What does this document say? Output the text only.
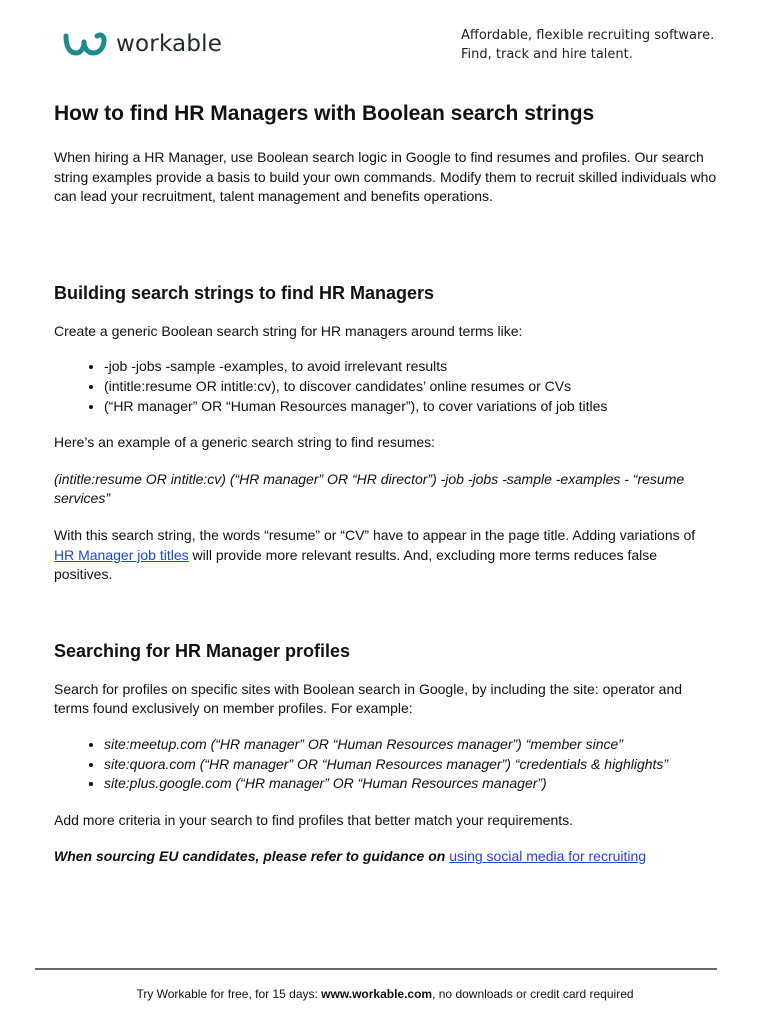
workable	Affordable, flexible recruiting software.
Find, track and hire talent.
How to find HR Managers with Boolean search strings

When hiring a HR Manager, use Boolean search logic in Google to find resumes and profiles. Our search string examples provide a basis to build your own commands. Modify them to recruit skilled individuals who can lead your recruitment, talent management and benefits operations.

Building search strings to find HR Managers

Create a generic Boolean search string for HR managers around terms like:

• -job -jobs -sample -examples, to avoid irrelevant results
• (intitle:resume OR intitle:cv), to discover candidates’ online resumes or CVs
• (“HR manager” OR “Human Resources manager”), to cover variations of job titles

Here’s an example of a generic search string to find resumes:

(intitle:resume OR intitle:cv) (“HR manager” OR “HR director”) -job -jobs -sample -examples - “resume services”

With this search string, the words “resume” or “CV” have to appear in the page title. Adding variations of HR Manager job titles will provide more relevant results. And, excluding more terms reduces false positives.

Searching for HR Manager profiles

Search for profiles on specific sites with Boolean search in Google, by including the site: operator and terms found exclusively on member profiles. For example:

• site:meetup.com (“HR manager” OR “Human Resources manager”) “member since”
• site:quora.com (“HR manager” OR “Human Resources manager”) “credentials & highlights”
• site:plus.google.com (“HR manager” OR “Human Resources manager”)

Add more criteria in your search to find profiles that better match your requirements.

When sourcing EU candidates, please refer to guidance on using social media for recruiting

Try Workable for free, for 15 days: www.workable.com, no downloads or credit card required
